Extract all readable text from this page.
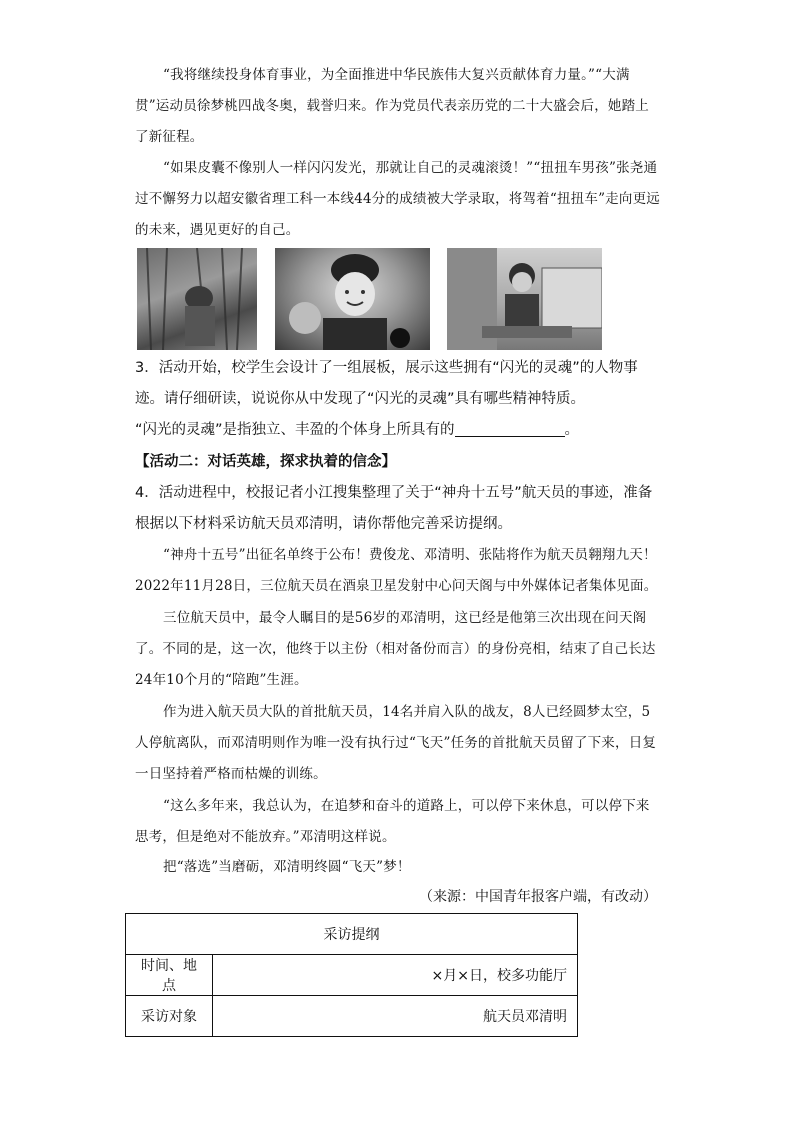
“我将继续投身体育事业，为全面推进中华民族伟大复兴贡献体育力量。”“大满贯”运动员徐梦桃四战冬奥，载誉归来。作为党员代表亲历党的二十大盛会后，她踏上了新征程。

“如果皮囊不像别人一样闪闪发光，那就让自己的灵魂滚烫！”“扭扭车男孩”张尧通过不懈努力以超安徽省理工科一本线44分的成绩被大学录取，将驾着“扭扭车”走向更远的未来，遇见更好的自己。

3．活动开始，校学生会设计了一组展板，展示这些拥有“闪光的灵魂”的人物事迹。请仔细研读，说说你从中发现了“闪光的灵魂”具有哪些精神特质。

“闪光的灵魂”是指独立、丰盈的个体身上所具有的	。

【活动二：对话英雄，探求执着的信念】

4．活动进程中，校报记者小江搜集整理了关于“神舟十五号”航天员的事迹，准备根据以下材料采访航天员邓清明，请你帮他完善采访提纲。

“神舟十五号”出征名单终于公布！费俊龙、邓清明、张陆将作为航天员翱翔九天！2022年11月28日，三位航天员在酒泉卫星发射中心问天阁与中外媒体记者集体见面。

三位航天员中，最令人瞩目的是56岁的邓清明，这已经是他第三次出现在问天阁了。不同的是，这一次，他终于以主份（相对备份而言）的身份亮相，结束了自己长达24年10个月的“陪跑”生涯。

作为进入航天员大队的首批航天员，14名并肩入队的战友，8人已经圆梦太空，5人停航离队，而邓清明则作为唯一没有执行过“飞天”任务的首批航天员留了下来，日复一日坚持着严格而枯燥的训练。

“这么多年来，我总认为，在追梦和奋斗的道路上，可以停下来休息，可以停下来思考，但是绝对不能放弃。”邓清明这样说。

把“落选”当磨砺，邓清明终圆“飞天”梦！

（来源：中国青年报客户端，有改动）
采访提纲	
时间、地点	×月×日，校多功能厅
采访对象	航天员邓清明
